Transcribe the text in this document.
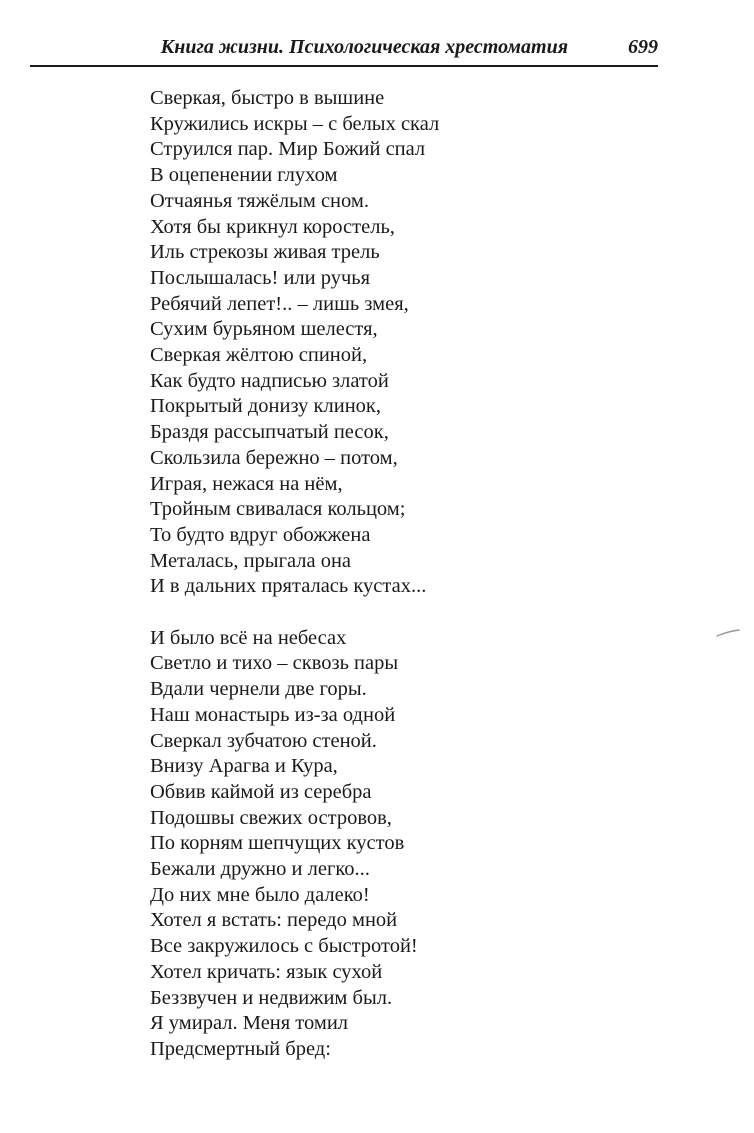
Книга жизни. Психологическая хрестоматия	699
Сверкая, быстро в вышине
Кружились искры – с белых скал
Струился пар. Мир Божий спал
В оцепенении глухом
Отчаянья тяжёлым сном.
Хотя бы крикнул коростель,
Иль стрекозы живая трель
Послышалась! или ручья
Ребячий лепет!.. – лишь змея,
Сухим бурьяном шелестя,
Сверкая жёлтою спиной,
Как будто надписью златой
Покрытый донизу клинок,
Браздя рассыпчатый песок,
Скользила бережно – потом,
Играя, нежася на нём,
Тройным свивалася кольцом;
То будто вдруг обожжена
Металась, прыгала она
И в дальних пряталась кустах...
И было всё на небесах
Светло и тихо – сквозь пары
Вдали чернели две горы.
Наш монастырь из-за одной
Сверкал зубчатою стеной.
Внизу Арагва и Кура,
Обвив каймой из серебра
Подошвы свежих островов,
По корням шепчущих кустов
Бежали дружно и легко...
До них мне было далеко!
Хотел я встать: передо мной
Все закружилось с быстротой!
Хотел кричать: язык сухой
Беззвучен и недвижим был.
Я умирал. Меня томил
Предсмертный бред:
